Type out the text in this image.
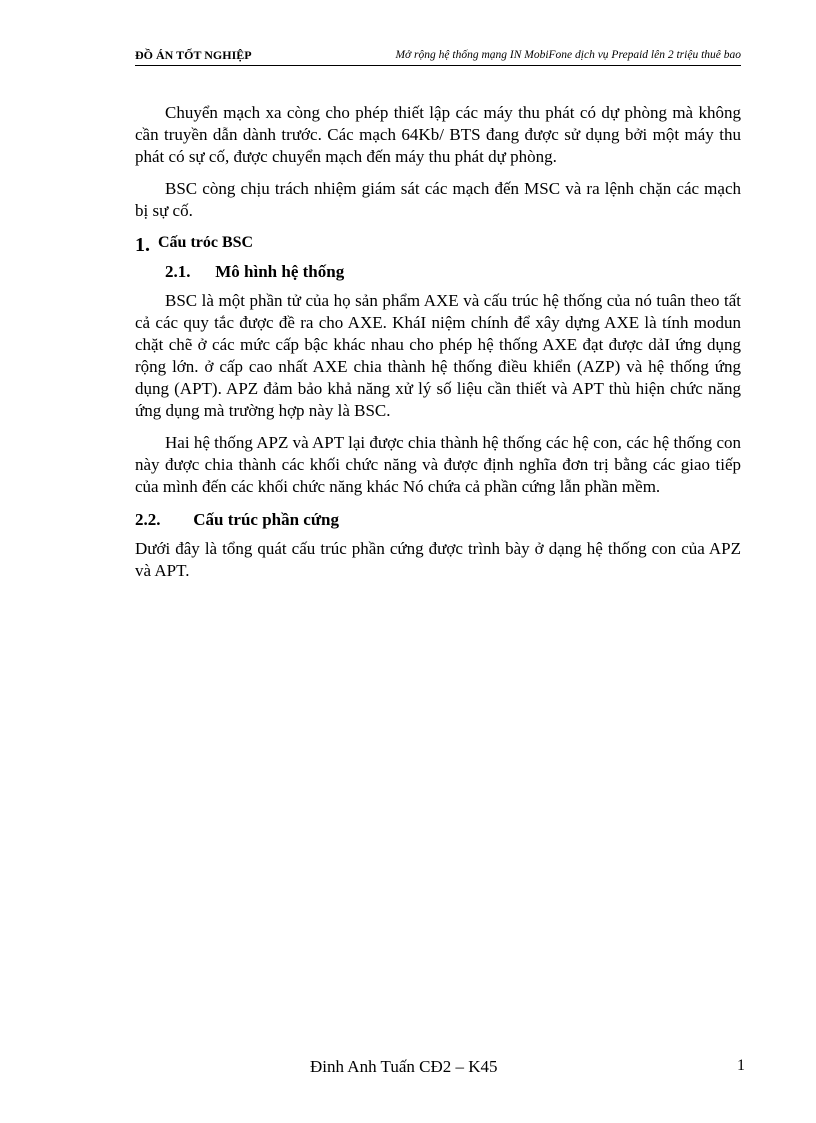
ĐỒ ÁN TỐT NGHIỆP	Mở rộng hệ thống mạng IN MobiFone dịch vụ Prepaid lên 2 triệu thuê bao

Chuyển mạch xa còng cho phép thiết lập các máy thu phát có dự phòng mà không cần truyền dẫn dành trước. Các mạch 64Kb/ BTS đang được sử dụng bởi một máy thu phát có sự cố, được chuyển mạch đến máy thu phát dự phòng.

BSC còng chịu trách nhiệm giám sát các mạch đến MSC và ra lệnh chặn các mạch bị sự cố.

1. Cấu tróc BSC
2.1. Mô hình hệ thống

BSC là một phần tử của họ sản phẩm AXE và cấu trúc hệ thống của nó tuân theo tất cả các quy tắc được đề ra cho AXE. KháI niệm chính để xây dựng AXE là tính modun chặt chẽ ở các mức cấp bậc khác nhau cho phép hệ thống AXE đạt được dảI ứng dụng rộng lớn. ở cấp cao nhất AXE chia thành hệ thống điều khiển (AZP) và hệ thống ứng dụng (APT). APZ đảm bảo khả năng xử lý số liệu cần thiết và APT thù hiện chức năng ứng dụng mà trường hợp này là BSC.

Hai hệ thống APZ và APT lại được chia thành hệ thống các hệ con, các hệ thống con này được chia thành các khối chức năng và được định nghĩa đơn trị bằng các giao tiếp của mình đến các khối chức năng khác Nó chứa cả phần cứng lẫn phần mềm.

2.2. Cấu trúc phần cứng

Dưới đây là tổng quát cấu trúc phần cứng được trình bày ở dạng hệ thống con của APZ và APT.

Đinh Anh Tuấn CĐ2 – K45	1
